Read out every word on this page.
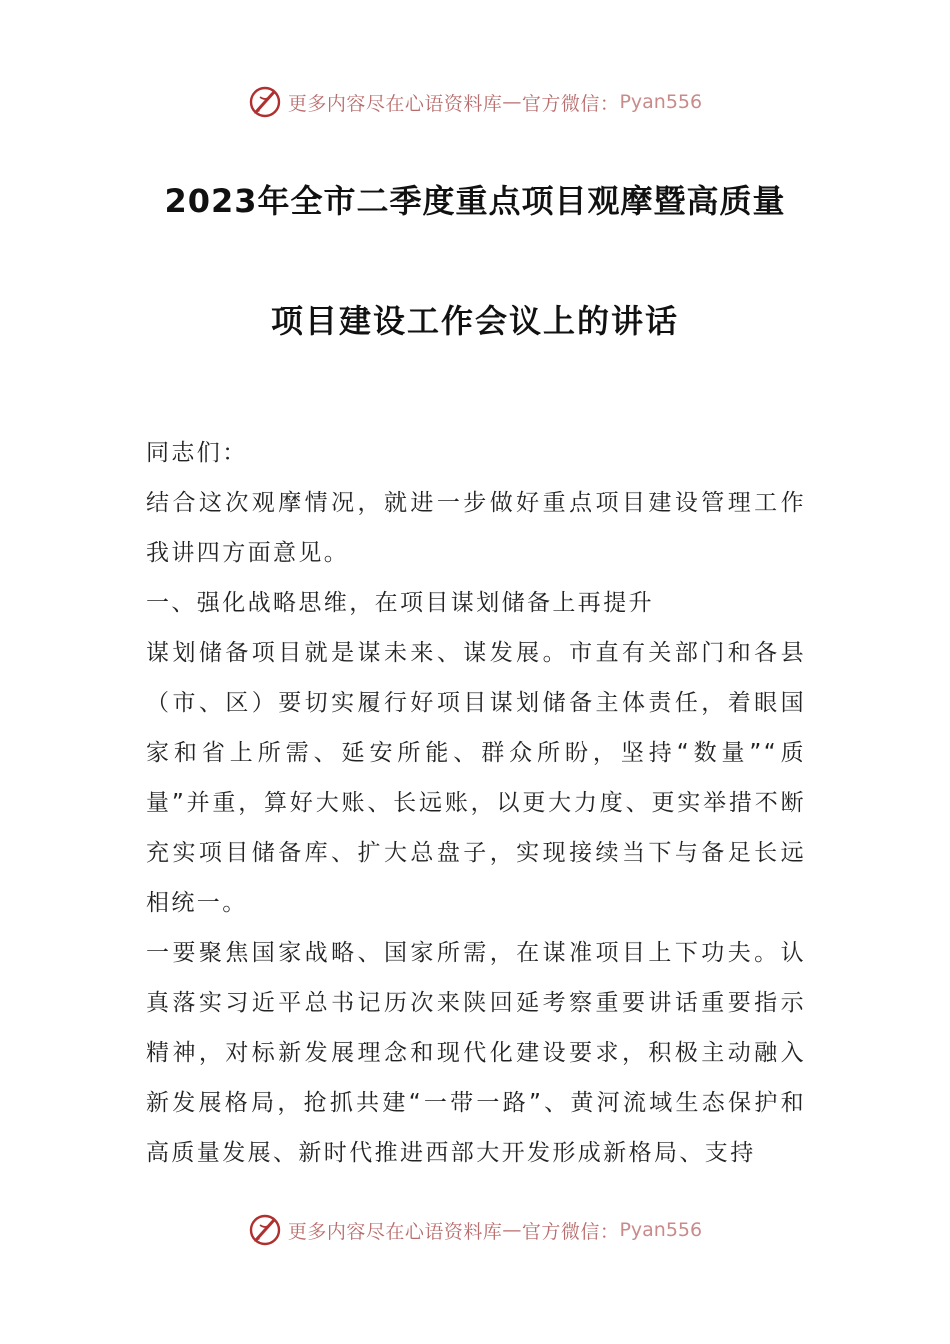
更多内容尽在心语资料库 — 官方微信： Pyan556
2023年全市二季度重点项目观摩暨高质量
项目建设工作会议上的讲话

同志们：

结合这次观摩情况，就进一步做好重点项目建设管理工作我讲四方面意见。

一、强化战略思维，在项目谋划储备上再提升

谋划储备项目就是谋未来、谋发展。市直有关部门和各县（市、区）要切实履行好项目谋划储备主体责任，着眼国家和省上所需、延安所能、群众所盼，坚持“数量”“质量”并重，算好大账、长远账，以更大力度、更实举措不断充实项目储备库、扩大总盘子，实现接续当下与备足长远相统一。

一要聚焦国家战略、国家所需，在谋准项目上下功夫。认真落实习近平总书记历次来陕回延考察重要讲话重要指示精神，对标新发展理念和现代化建设要求，积极主动融入新发展格局，抢抓共建“一带一路”、黄河流域生态保护和高质量发展、新时代推进西部大开发形成新格局、支持

更多内容尽在心语资料库 — 官方微信： Pyan556
